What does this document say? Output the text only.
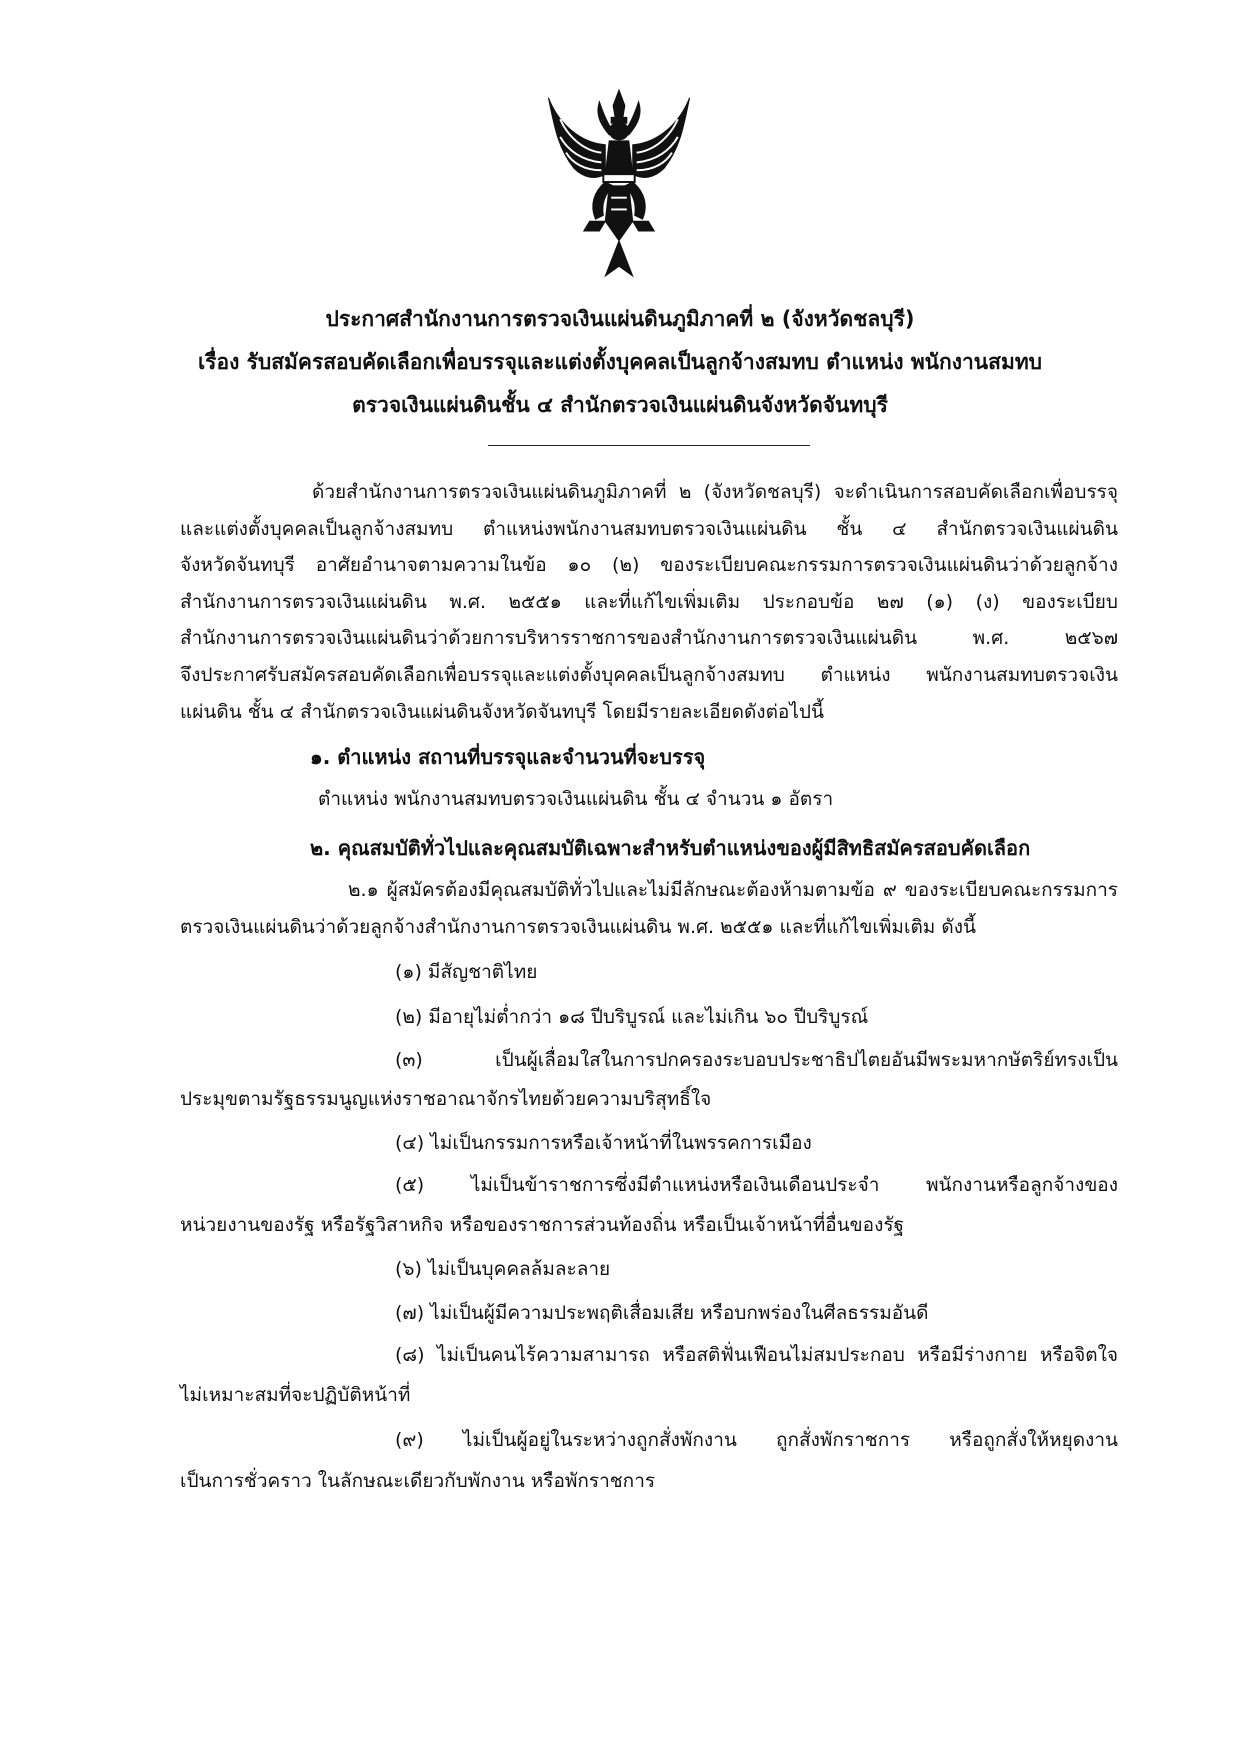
ประกาศสำนักงานการตรวจเงินแผ่นดินภูมิภาคที่ ๒ (จังหวัดชลบุรี)
เรื่อง รับสมัครสอบคัดเลือกเพื่อบรรจุและแต่งตั้งบุคคลเป็นลูกจ้างสมทบ ตำแหน่ง พนักงานสมทบ
ตรวจเงินแผ่นดินชั้น ๔ สำนักตรวจเงินแผ่นดินจังหวัดจันทบุรี
ด้วยสำนักงานการตรวจเงินแผ่นดินภูมิภาคที่ ๒ (จังหวัดชลบุรี) จะดำเนินการสอบคัดเลือกเพื่อบรรจุ
และแต่งตั้งบุคคลเป็นลูกจ้างสมทบ ตำแหน่งพนักงานสมทบตรวจเงินแผ่นดิน ชั้น ๔ สำนักตรวจเงินแผ่นดิน
จังหวัดจันทบุรี อาศัยอำนาจตามความในข้อ ๑๐ (๒) ของระเบียบคณะกรรมการตรวจเงินแผ่นดินว่าด้วยลูกจ้าง
สำนักงานการตรวจเงินแผ่นดิน พ.ศ. ๒๕๕๑ และที่แก้ไขเพิ่มเติม ประกอบข้อ ๒๗ (๑) (ง) ของระเบียบ
สำนักงานการตรวจเงินแผ่นดินว่าด้วยการบริหารราชการของสำนักงานการตรวจเงินแผ่นดิน พ.ศ. ๒๕๖๗
จึงประกาศรับสมัครสอบคัดเลือกเพื่อบรรจุและแต่งตั้งบุคคลเป็นลูกจ้างสมทบ ตำแหน่ง พนักงานสมทบตรวจเงิน
แผ่นดิน ชั้น ๔ สำนักตรวจเงินแผ่นดินจังหวัดจันทบุรี โดยมีรายละเอียดดังต่อไปนี้
๑. ตำแหน่ง สถานที่บรรจุและจำนวนที่จะบรรจุ
ตำแหน่ง พนักงานสมทบตรวจเงินแผ่นดิน ชั้น ๔ จำนวน ๑ อัตรา
๒. คุณสมบัติทั่วไปและคุณสมบัติเฉพาะสำหรับตำแหน่งของผู้มีสิทธิสมัครสอบคัดเลือก
๒.๑ ผู้สมัครต้องมีคุณสมบัติทั่วไปและไม่มีลักษณะต้องห้ามตามข้อ ๙ ของระเบียบคณะกรรมการ
ตรวจเงินแผ่นดินว่าด้วยลูกจ้างสำนักงานการตรวจเงินแผ่นดิน พ.ศ. ๒๕๕๑ และที่แก้ไขเพิ่มเติม ดังนี้
(๑) มีสัญชาติไทย
(๒) มีอายุไม่ต่ำกว่า ๑๘ ปีบริบูรณ์ และไม่เกิน ๖๐ ปีบริบูรณ์
(๓) เป็นผู้เลื่อมใสในการปกครองระบอบประชาธิปไตยอันมีพระมหากษัตริย์ทรงเป็น
ประมุขตามรัฐธรรมนูญแห่งราชอาณาจักรไทยด้วยความบริสุทธิ์ใจ
(๔) ไม่เป็นกรรมการหรือเจ้าหน้าที่ในพรรคการเมือง
(๕) ไม่เป็นข้าราชการซึ่งมีตำแหน่งหรือเงินเดือนประจำ พนักงานหรือลูกจ้างของ
หน่วยงานของรัฐ หรือรัฐวิสาหกิจ หรือของราชการส่วนท้องถิ่น หรือเป็นเจ้าหน้าที่อื่นของรัฐ
(๖) ไม่เป็นบุคคลล้มละลาย
(๗) ไม่เป็นผู้มีความประพฤติเสื่อมเสีย หรือบกพร่องในศีลธรรมอันดี
(๘) ไม่เป็นคนไร้ความสามารถ หรือสติฟั่นเฟือนไม่สมประกอบ หรือมีร่างกาย หรือจิตใจ
ไม่เหมาะสมที่จะปฏิบัติหน้าที่
(๙) ไม่เป็นผู้อยู่ในระหว่างถูกสั่งพักงาน ถูกสั่งพักราชการ หรือถูกสั่งให้หยุดงาน
เป็นการชั่วคราว ในลักษณะเดียวกับพักงาน หรือพักราชการ
